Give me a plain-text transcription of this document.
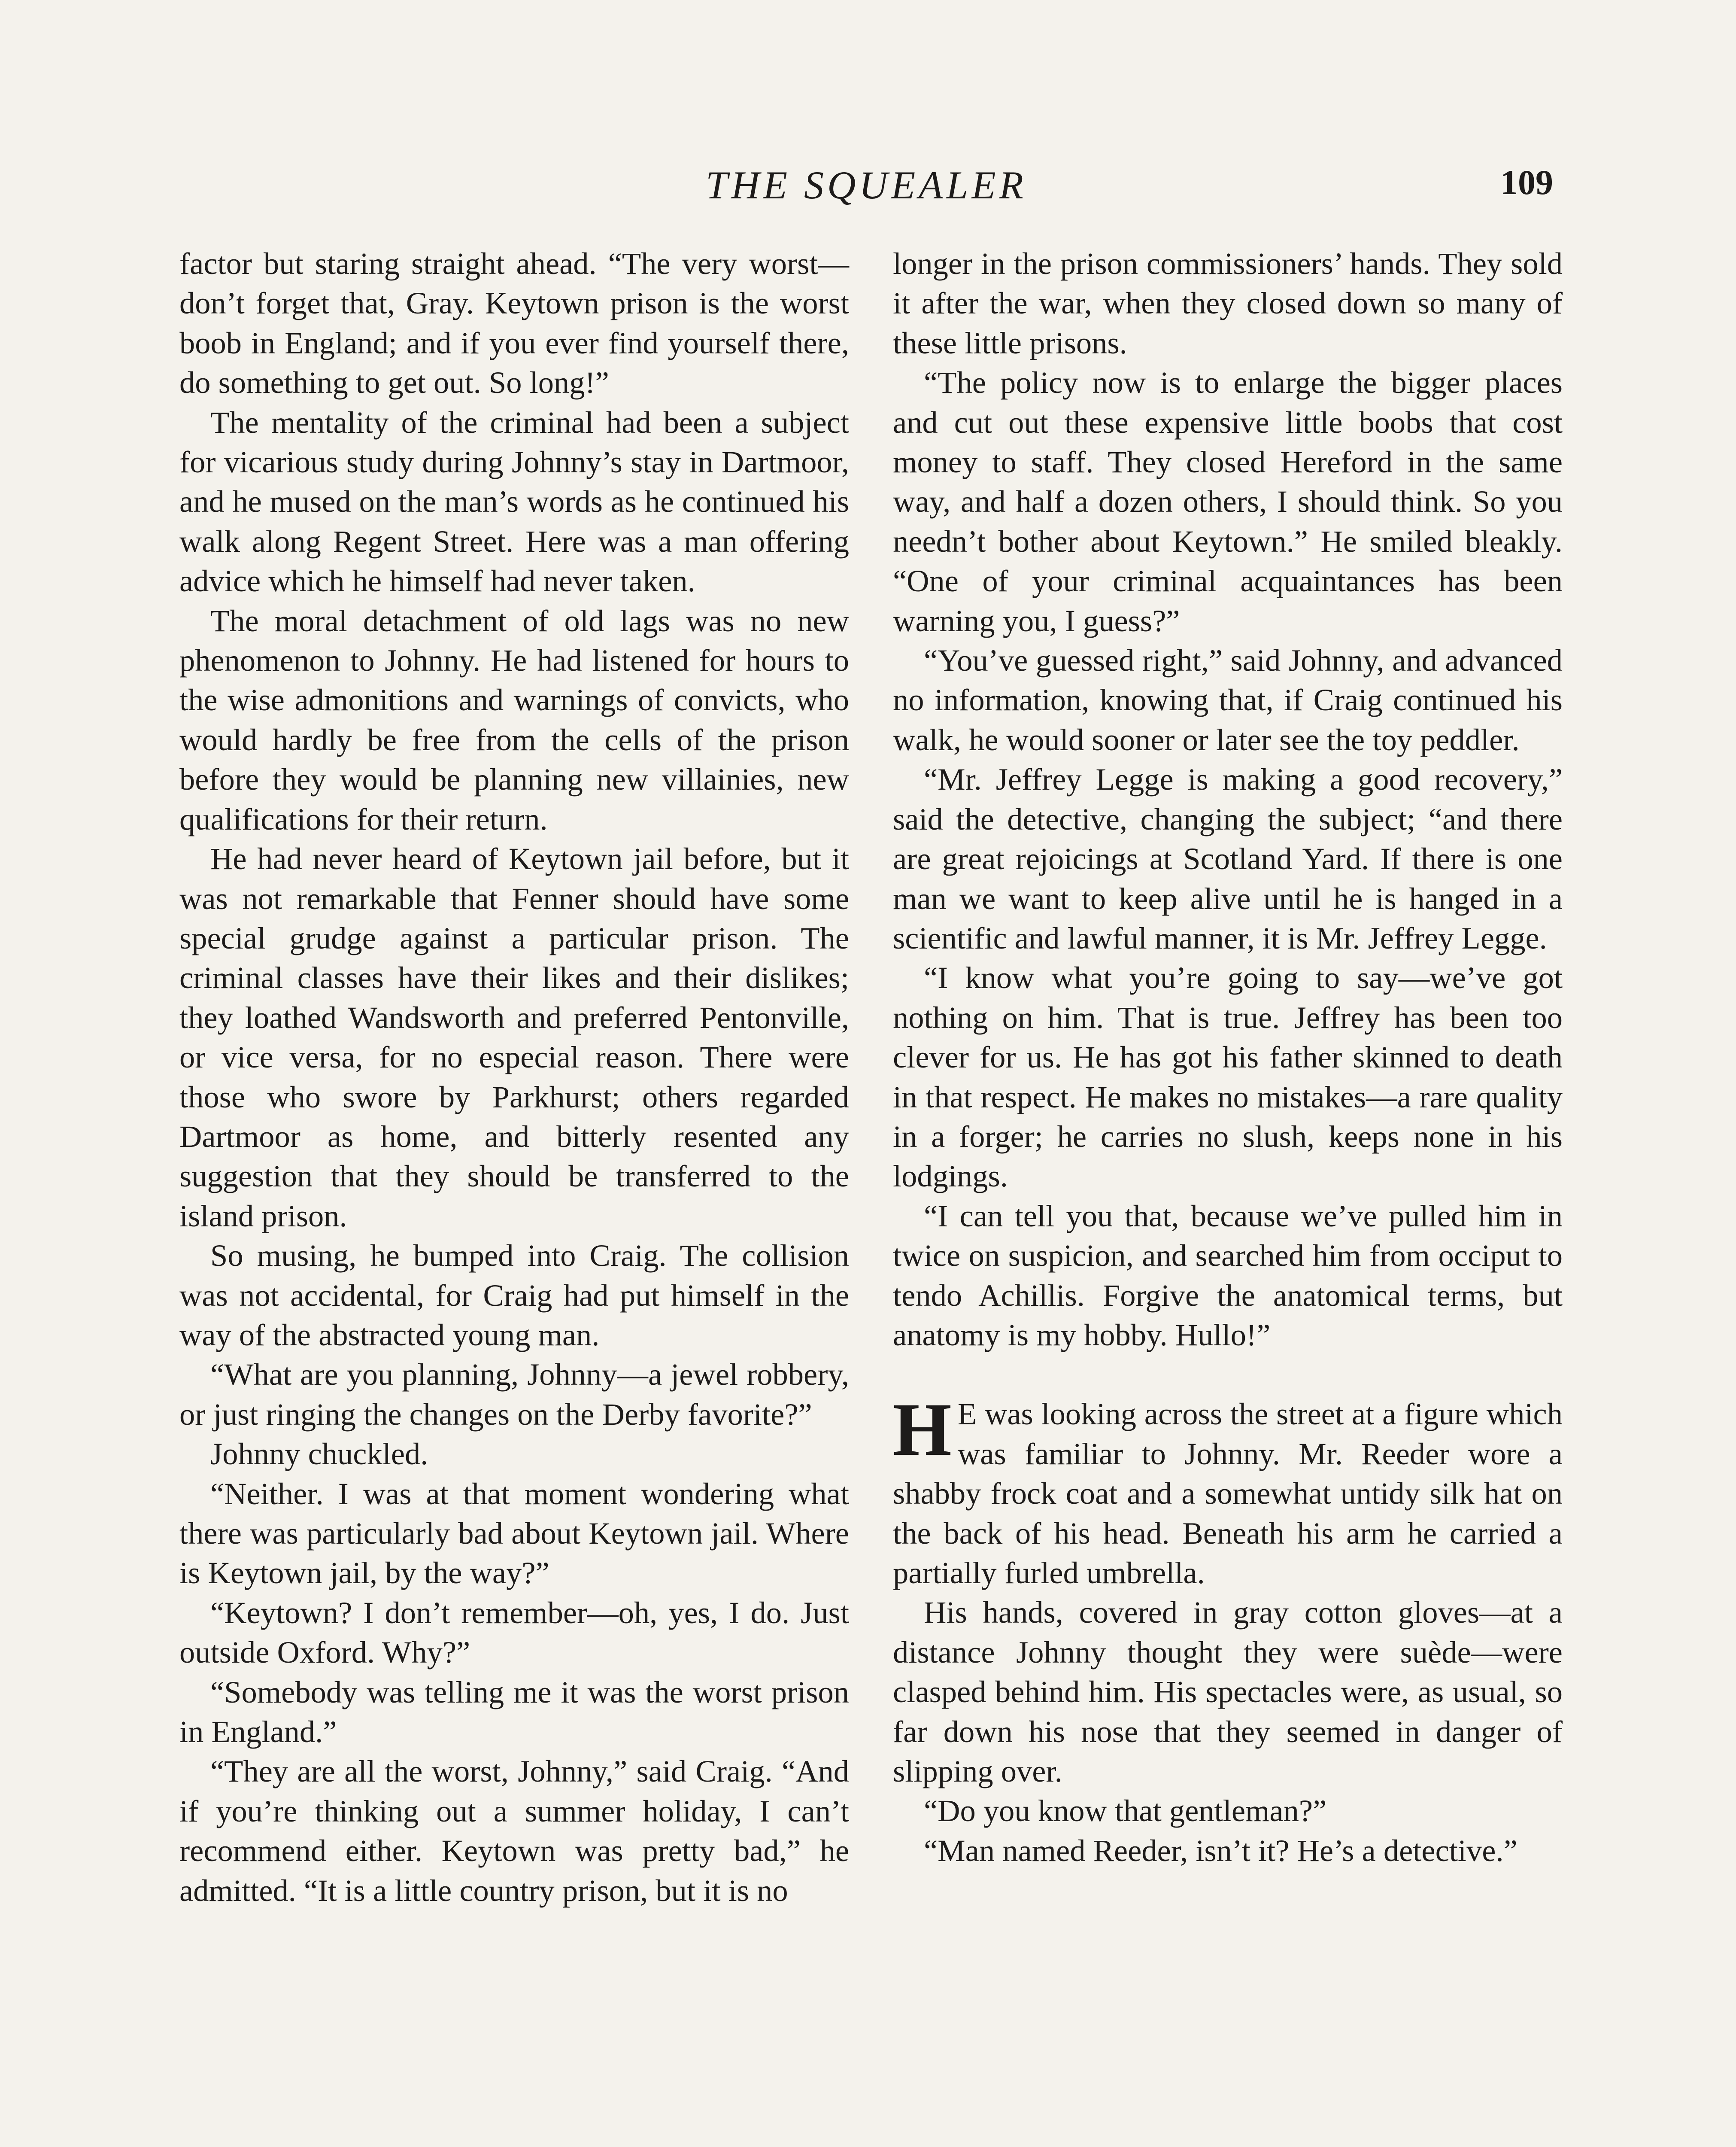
THE SQUEALER	109

factor but staring straight ahead. “The very worst—don’t forget that, Gray. Keytown prison is the worst boob in England; and if you ever find yourself there, do something to get out. So long!”

The mentality of the criminal had been a subject for vicarious study during Johnny’s stay in Dartmoor, and he mused on the man’s words as he continued his walk along Regent Street. Here was a man offering advice which he himself had never taken.

The moral detachment of old lags was no new phenomenon to Johnny. He had listened for hours to the wise admonitions and warnings of convicts, who would hardly be free from the cells of the prison before they would be planning new villainies, new qualifications for their return.

He had never heard of Keytown jail before, but it was not remarkable that Fenner should have some special grudge against a particular prison. The criminal classes have their likes and their dislikes; they loathed Wandsworth and preferred Pentonville, or vice versa, for no especial reason. There were those who swore by Parkhurst; others regarded Dartmoor as home, and bitterly resented any suggestion that they should be transferred to the island prison.

So musing, he bumped into Craig. The collision was not accidental, for Craig had put himself in the way of the abstracted young man.

“What are you planning, Johnny—a jewel robbery, or just ringing the changes on the Derby favorite?”

Johnny chuckled.

“Neither. I was at that moment wondering what there was particularly bad about Keytown jail. Where is Keytown jail, by the way?”

“Keytown? I don’t remember—oh, yes, I do. Just outside Oxford. Why?”

“Somebody was telling me it was the worst prison in England.”

“They are all the worst, Johnny,” said Craig. “And if you’re thinking out a summer holiday, I can’t recommend either. Keytown was pretty bad,” he admitted. “It is a little country prison, but it is no

longer in the prison commissioners’ hands. They sold it after the war, when they closed down so many of these little prisons.

“The policy now is to enlarge the bigger places and cut out these expensive little boobs that cost money to staff. They closed Hereford in the same way, and half a dozen others, I should think. So you needn’t bother about Keytown.” He smiled bleakly. “One of your criminal acquaintances has been warning you, I guess?”

“You’ve guessed right,” said Johnny, and advanced no information, knowing that, if Craig continued his walk, he would sooner or later see the toy peddler.

“Mr. Jeffrey Legge is making a good recovery,” said the detective, changing the subject; “and there are great rejoicings at Scotland Yard. If there is one man we want to keep alive until he is hanged in a scientific and lawful manner, it is Mr. Jeffrey Legge.

“I know what you’re going to say—we’ve got nothing on him. That is true. Jeffrey has been too clever for us. He has got his father skinned to death in that respect. He makes no mistakes—a rare quality in a forger; he carries no slush, keeps none in his lodgings.

“I can tell you that, because we’ve pulled him in twice on suspicion, and searched him from occiput to tendo Achillis. Forgive the anatomical terms, but anatomy is my hobby. Hullo!”

H E was looking across the street at a figure which was familiar to Johnny. Mr. Reeder wore a shabby frock coat and a somewhat untidy silk hat on the back of his head. Beneath his arm he carried a partially furled umbrella.

His hands, covered in gray cotton gloves—at a distance Johnny thought they were suède—were clasped behind him. His spectacles were, as usual, so far down his nose that they seemed in danger of slipping over.

“Do you know that gentleman?”

“Man named Reeder, isn’t it? He’s a detective.”
